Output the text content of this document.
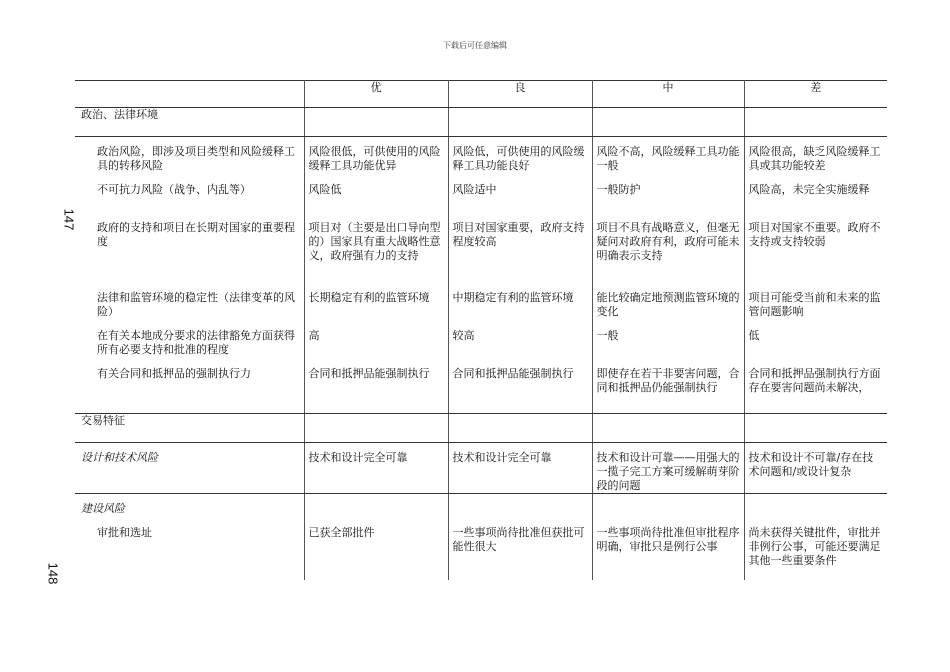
下载后可任意编辑
147
148
	优	良	中	差
政治、法律环境				
政治风险，即涉及项目类型和风险缓释工具的转移风险	风险很低，可供使用的风险缓释工具功能优异	风险低，可供使用的风险缓释工具功能良好	风险不高，风险缓释工具功能一般	风险很高，缺乏风险缓释工具或其功能较差
不可抗力风险（战争、内乱等）	风险低	风险适中	一般防护	风险高，未完全实施缓释
政府的支持和项目在长期对国家的重要程度	项目对（主要是出口导向型的）国家具有重大战略性意义，政府强有力的支持	项目对国家重要，政府支持程度较高	项目不具有战略意义，但毫无疑问对政府有利，政府可能未明确表示支持	项目对国家不重要。政府不支持或支持较弱
法律和监管环境的稳定性（法律变革的风险）	长期稳定有利的监管环境	中期稳定有利的监管环境	能比较确定地预测监管环境的变化	项目可能受当前和未来的监管问题影响
在有关本地成分要求的法律豁免方面获得所有必要支持和批准的程度	高	较高	一般	低
有关合同和抵押品的强制执行力	合同和抵押品能强制执行	合同和抵押品能强制执行	即使存在若干非要害问题，合同和抵押品仍能强制执行	合同和抵押品强制执行方面存在要害问题尚未解决，
交易特征				
设计和技术风险	技术和设计完全可靠	技术和设计完全可靠	技术和设计可靠——用强大的一揽子完工方案可缓解萌芽阶段的问题	技术和设计不可靠/存在技术问题和/或设计复杂
建设风险				
审批和选址	已获全部批件	一些事项尚待批准但获批可能性很大	一些事项尚待批准但审批程序明确，审批只是例行公事	尚未获得关键批件，审批并非例行公事，可能还要满足其他一些重要条件
